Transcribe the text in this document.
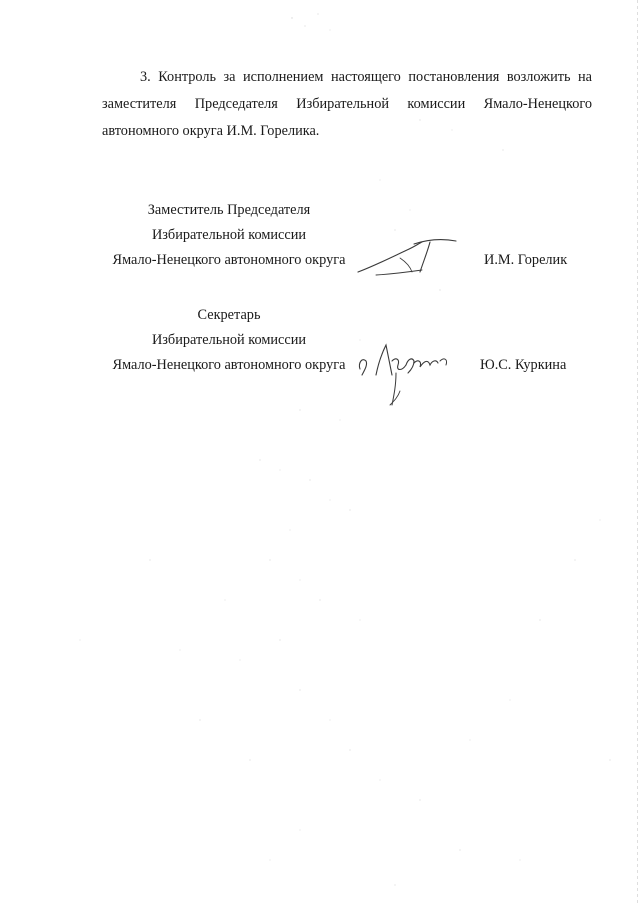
3. Контроль за исполнением настоящего постановления возложить на
заместителя Председателя Избирательной комиссии Ямало-Ненецкого
автономного округа И.М. Горелика.
Заместитель Председателя
Избирательной комиссии
Ямало-Ненецкого автономного округа	И.М. Горелик
Секретарь
Избирательной комиссии
Ямало-Ненецкого автономного округа	Ю.С. Куркина
